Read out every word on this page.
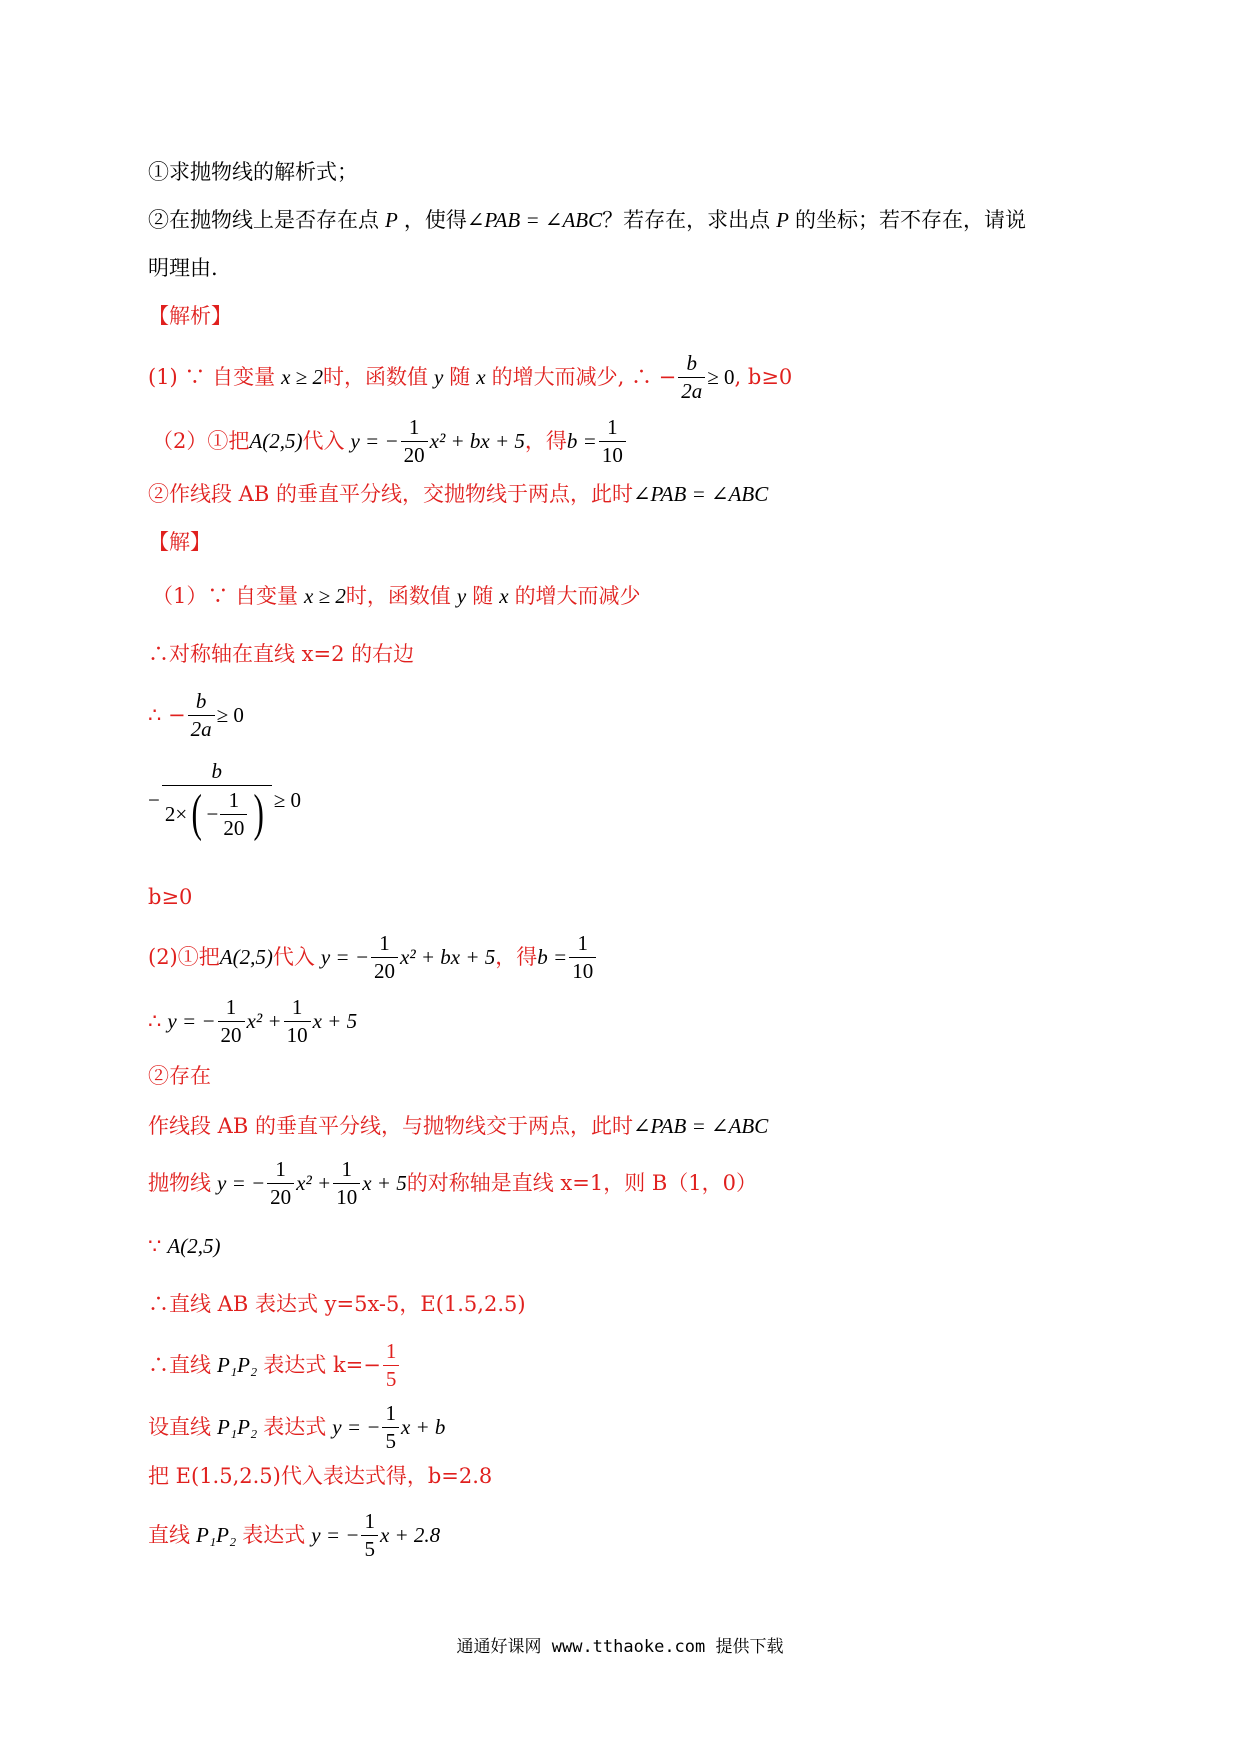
①求抛物线的解析式；
②在抛物线上是否存在点 P ，使得 ∠PAB = ∠ABC ？若存在，求出点 P 的坐标；若不存在，请说
明理由.
【解析】
(1) ∵ 自变量 x ≥ 2 时，函数值 y 随 x 的增大而减少, ∴ − $\frac{b}{2a} \ge 0$ , b≥0
（2）①把 A(2,5) 代入 y = − $\frac{1}{20} x^2$ + bx + 5 ，得 $b = \frac{1}{10}$
②作线段 AB 的垂直平分线，交抛物线于两点，此时 ∠PAB = ∠ABC
【解】
（1）∵ 自变量 x ≥ 2 时，函数值 y 随 x 的增大而减少
∴对称轴在直线 x=2 的右边
∴ − $\frac{b}{2a} \ge 0$
−
b
2× ( − $\frac{1}{20}$ ) ≥ 0
b≥0
(2)①把 A(2,5) 代入 y = − $\frac{1}{20} x^2$ + bx + 5 ，得 $b = \frac{1}{10}$
∴ y = − $\frac{1}{20} x^2 + \frac{1}{10}$ x + 5
②存在
作线段 AB 的垂直平分线，与抛物线交于两点，此时 ∠PAB = ∠ABC
抛物线 y = − $\frac{1}{20} x^2 + \frac{1}{10}$ x + 5 的对称轴是直线 x=1，则 B（1，0）
∵ A(2,5)
∴直线 AB 表达式 y=5x-5，E(1.5,2.5)
∴直线 P₁P₂ 表达式 $k=- \frac{1}{5}$
设直线 P₁P₂ 表达式 y = − $\frac{1}{5}$ x + b
把 E(1.5,2.5)代入表达式得，b=2.8
直线 P₁P₂ 表达式 y = − $\frac{1}{5}$ x + 2.8
通通好课网 www.tthaoke.com 提供下载
